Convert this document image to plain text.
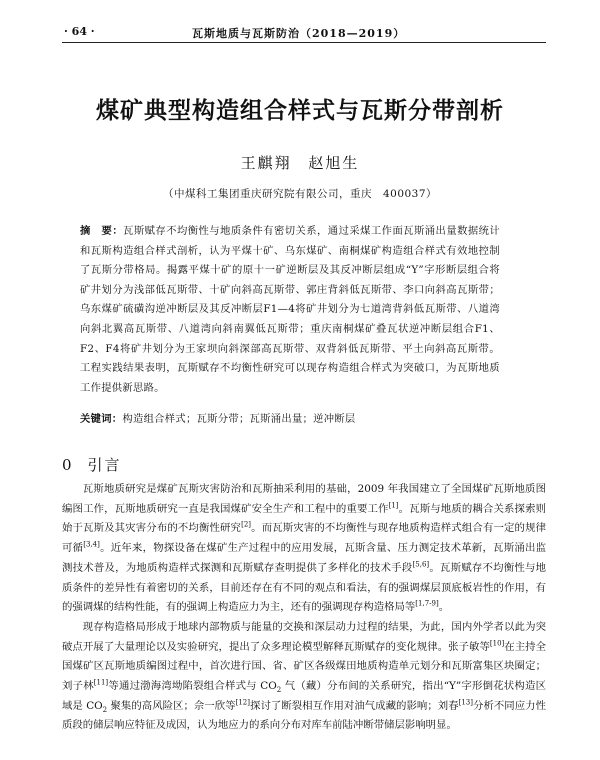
· 64 ·	瓦斯地质与瓦斯防治（2018—2019）
煤矿典型构造组合样式与瓦斯分带剖析
王麒翔 赵旭生
（中煤科工集团重庆研究院有限公司，重庆　400037）
摘　要：瓦斯赋存不均衡性与地质条件有密切关系，通过采煤工作面瓦斯涌出量数据统计和瓦斯构造组合样式剖析，认为平煤十矿、乌东煤矿、南桐煤矿构造组合样式有效地控制了瓦斯分带格局。揭露平煤十矿的原十一矿逆断层及其反冲断层组成“Y”字形断层组合将矿井划分为浅部低瓦斯带、十矿向斜高瓦斯带、郭庄背斜低瓦斯带、李口向斜高瓦斯带；乌东煤矿硫磺沟逆冲断层及其反冲断层F1—4将矿井划分为七道湾背斜低瓦斯带、八道湾向斜北翼高瓦斯带、八道湾向斜南翼低瓦斯带；重庆南桐煤矿叠瓦状逆冲断层组合F1、F2、F4将矿井划分为王家坝向斜深部高瓦斯带、双背斜低瓦斯带、平土向斜高瓦斯带。工程实践结果表明，瓦斯赋存不均衡性研究可以现存构造组合样式为突破口，为瓦斯地质工作提供新思路。
关键词：构造组合样式；瓦斯分带；瓦斯涌出量；逆冲断层
0 引言

瓦斯地质研究是煤矿瓦斯灾害防治和瓦斯抽采利用的基础，2009 年我国建立了全国煤矿瓦斯地质图编图工作，瓦斯地质研究一直是我国煤矿安全生产和工程中的重要工作[1]。瓦斯与地质的耦合关系探索则始于瓦斯及其灾害分布的不均衡性研究[2]。而瓦斯灾害的不均衡性与现存地质构造样式组合有一定的规律可循[3,4]。近年来，物探设备在煤矿生产过程中的应用发展，瓦斯含量、压力测定技术革新，瓦斯涌出监测技术普及，为地质构造样式探测和瓦斯赋存查明提供了多样化的技术手段[5,6]。瓦斯赋存不均衡性与地质条件的差异性有着密切的关系，目前还存在有不同的观点和看法，有的强调煤层顶底板岩性的作用，有的强调煤的结构性能，有的强调上构造应力为主，还有的强调现存构造格局等[1,7-9]。

现存构造格局形成于地球内部物质与能量的交换和深层动力过程的结果，为此，国内外学者以此为突破点开展了大量理论以及实验研究，提出了众多理论模型解释瓦斯赋存的变化规律。张子敏等[10]在主持全国煤矿区瓦斯地质编图过程中，首次进行国、省、矿区各级煤田地质构造单元划分和瓦斯富集区块圈定；刘子林[11]等通过渤海湾坳陷裂组合样式与 $CO_2$ 气（藏）分布间的关系研究，指出“Y”字形倒花状构造区域是 $CO_2$ 聚集的高风险区；佘一欣等[12]探讨了断裂相互作用对油气成藏的影响；刘春[13]分析不同应力性质段的储层响应特征及成因，认为地应力的系向分布对库车前陆冲断带储层影响明显。
